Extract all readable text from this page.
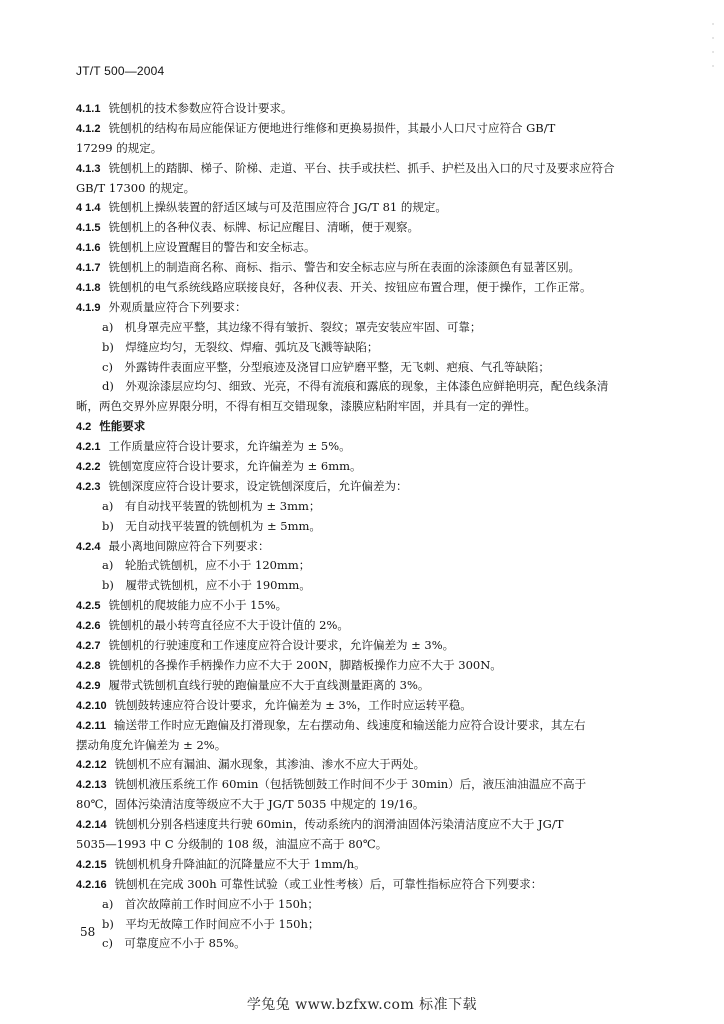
·
·
·
·
JT/T 500—2004
4.1.1 铣刨机的技术参数应符合设计要求。
4.1.2 铣刨机的结构布局应能保证方便地进行维修和更换易损件，其最小人口尺寸应符合 GB/T
17299 的规定。
4.1.3 铣刨机上的踏脚、梯子、阶梯、走道、平台、扶手或扶栏、抓手、护栏及出入口的尺寸及要求应符合
GB/T 17300 的规定。
4 1.4 铣刨机上操纵装置的舒适区域与可及范围应符合 JG/T 81 的规定。
4.1.5 铣刨机上的各种仪表、标牌、标记应醒目、清晰，便于观察。
4.1.6 铣刨机上应设置醒目的警告和安全标志。
4.1.7 铣刨机上的制造商名称、商标、指示、警告和安全标志应与所在表面的涂漆颜色有显著区别。
4.1.8 铣刨机的电气系统线路应联接良好，各种仪表、开关、按钮应布置合理，便于操作，工作正常。
4.1.9 外观质量应符合下列要求：
a)　机身罩壳应平整，其边缘不得有皱折、裂纹；罩壳安装应牢固、可靠；
b)　焊缝应均匀，无裂纹、焊瘤、弧坑及飞溅等缺陷；
c)　外露铸件表面应平整，分型痕迹及浇冒口应铲磨平整，无飞刺、疤痕、气孔等缺陷；
d)　外观涂漆层应均匀、细致、光亮，不得有流痕和露底的现象，主体漆色应鲜艳明亮，配色线条清
晰，两色交界外应界限分明，不得有相互交错现象，漆膜应粘附牢固，并具有一定的弹性。
4.2 性能要求
4.2.1 工作质量应符合设计要求，允许编差为 ± 5%。
4.2.2 铣刨宽度应符合设计要求，允许偏差为 ± 6mm。
4.2.3 铣刨深度应符合设计要求，设定铣刨深度后，允许偏差为：
a)　有自动找平装置的铣刨机为 ± 3mm；
b)　无自动找平装置的铣刨机为 ± 5mm。
4.2.4 最小离地间隙应符合下列要求：
a)　轮胎式铣刨机，应不小于 120mm；
b)　履带式铣刨机，应不小于 190mm。
4.2.5 铣刨机的爬坡能力应不小于 15%。
4.2.6 铣刨机的最小转弯直径应不大于设计值的 2%。
4.2.7 铣刨机的行驶速度和工作速度应符合设计要求，允许偏差为 ± 3%。
4.2.8 铣刨机的各操作手柄操作力应不大于 200N，脚踏板操作力应不大于 300N。
4.2.9 履带式铣刨机直线行驶的跑偏量应不大于直线测量距离的 3%。
4.2.10 铣刨鼓转速应符合设计要求，允许偏差为 ± 3%，工作时应运转平稳。
4.2.11 输送带工作时应无跑偏及打滑现象，左右摆动角、线速度和输送能力应符合设计要求，其左右
摆动角度允许偏差为 ± 2%。
4.2.12 铣刨机不应有漏油、漏水现象，其渗油、渗水不应大于两处。
4.2.13 铣刨机液压系统工作 60min（包括铣刨鼓工作时间不少于 30min）后，液压油油温应不高于
80℃，固体污染清洁度等级应不大于 JG/T 5035 中规定的 19/16。
4.2.14 铣刨机分别各档速度共行驶 60min，传动系统内的润滑油固体污染清洁度应不大于 JG/T
5035—1993 中 C 分级制的 108 级，油温应不高于 80℃。
4.2.15 铣刨机机身升降油缸的沉降量应不大于 1mm/h。
4.2.16 铣刨机在完成 300h 可靠性试验（或工业性考核）后，可靠性指标应符合下列要求：
a)　首次故障前工作时间应不小于 150h；
b)　平均无故障工作时间应不小于 150h；
c)　可靠度应不小于 85%。
58
学兔兔 www.bzfxw.com 标准下载
